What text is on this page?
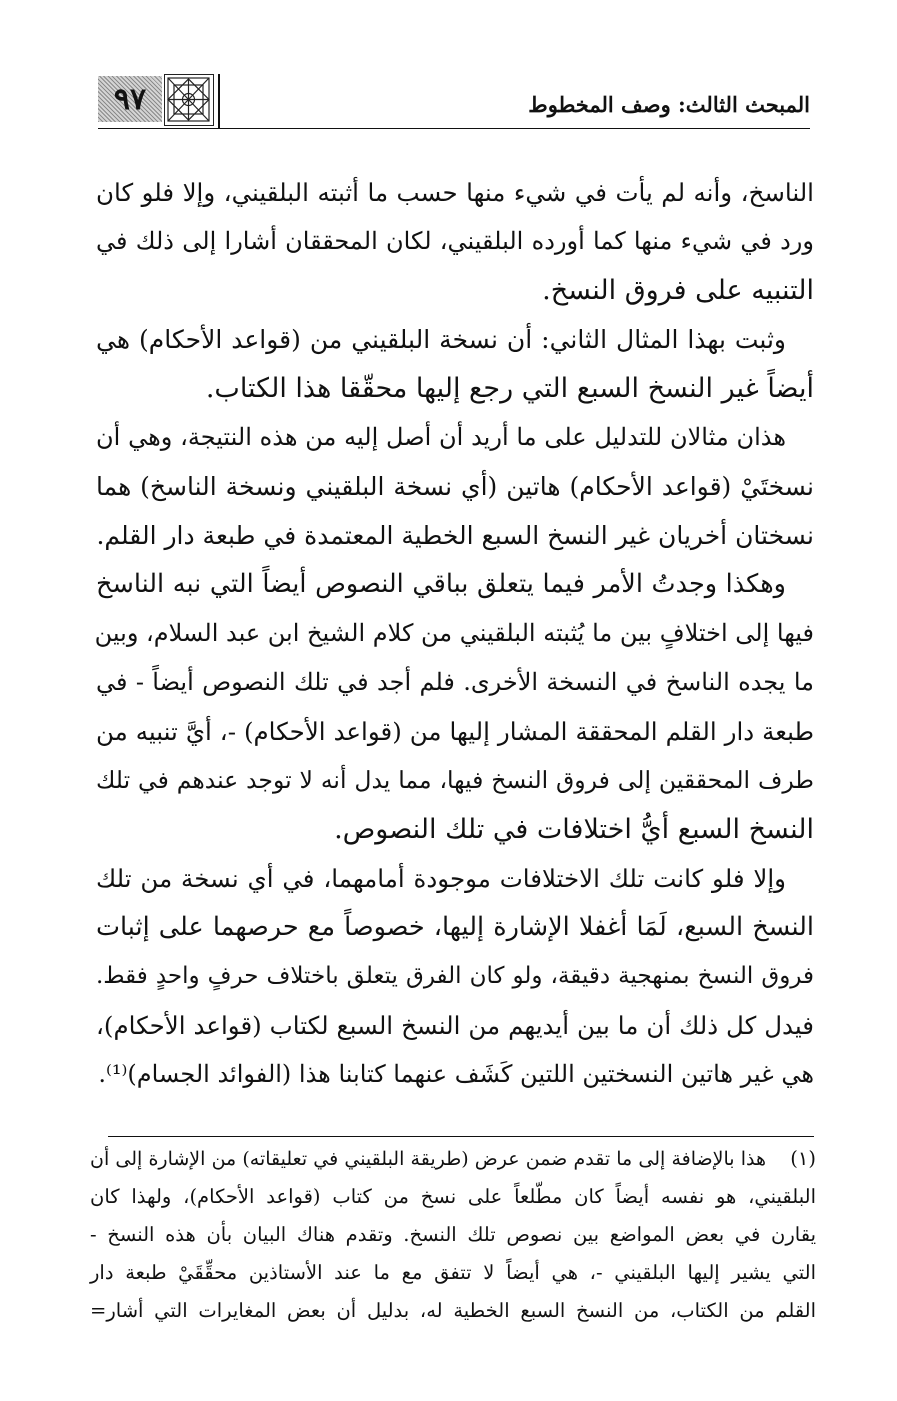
٩٧	المبحث الثالث: وصف المخطوط
الناسخ، وأنه لم يأت في شيء منها حسب ما أثبته البلقيني، وإلا فلو كان
ورد في شيء منها كما أورده البلقيني، لكان المحققان أشارا إلى ذلك في
التنبيه على فروق النسخ.
وثبت بهذا المثال الثاني: أن نسخة البلقيني من (قواعد الأحكام) هي
أيضاً غير النسخ السبع التي رجع إليها محقّقا هذا الكتاب.
هذان مثالان للتدليل على ما أريد أن أصل إليه من هذه النتيجة، وهي أن
نسختَيْ (قواعد الأحكام) هاتين (أي نسخة البلقيني ونسخة الناسخ) هما
نسختان أخريان غير النسخ السبع الخطية المعتمدة في طبعة دار القلم.
وهكذا وجدتُ الأمر فيما يتعلق بباقي النصوص أيضاً التي نبه الناسخ
فيها إلى اختلافٍ بين ما يُثبته البلقيني من كلام الشيخ ابن عبد السلام، وبين
ما يجده الناسخ في النسخة الأخرى. فلم أجد في تلك النصوص أيضاً - في
طبعة دار القلم المحققة المشار إليها من (قواعد الأحكام) -، أيَّ تنبيه من
طرف المحققين إلى فروق النسخ فيها، مما يدل أنه لا توجد عندهم في تلك
النسخ السبع أيُّ اختلافات في تلك النصوص.
وإلا فلو كانت تلك الاختلافات موجودة أمامهما، في أي نسخة من تلك
النسخ السبع، لَمَا أغفلا الإشارة إليها، خصوصاً مع حرصهما على إثبات
فروق النسخ بمنهجية دقيقة، ولو كان الفرق يتعلق باختلاف حرفٍ واحدٍ فقط.
فيدل كل ذلك أن ما بين أيديهم من النسخ السبع لكتاب (قواعد الأحكام)،
هي غير هاتين النسختين اللتين كَشَف عنهما كتابنا هذا (الفوائد الجسام)⁽¹⁾.
(١)
هذا بالإضافة إلى ما تقدم ضمن عرض (طريقة البلقيني في تعليقاته) من الإشارة إلى أن
البلقيني، هو نفسه أيضاً كان مطّلعاً على نسخ من كتاب (قواعد الأحكام)، ولهذا كان
يقارن في بعض المواضع بين نصوص تلك النسخ. وتقدم هناك البيان بأن هذه النسخ -
التي يشير إليها البلقيني -، هي أيضاً لا تتفق مع ما عند الأستاذين محقِّقَيْ طبعة دار
القلم من الكتاب، من النسخ السبع الخطية له، بدليل أن بعض المغايرات التي أشار=
